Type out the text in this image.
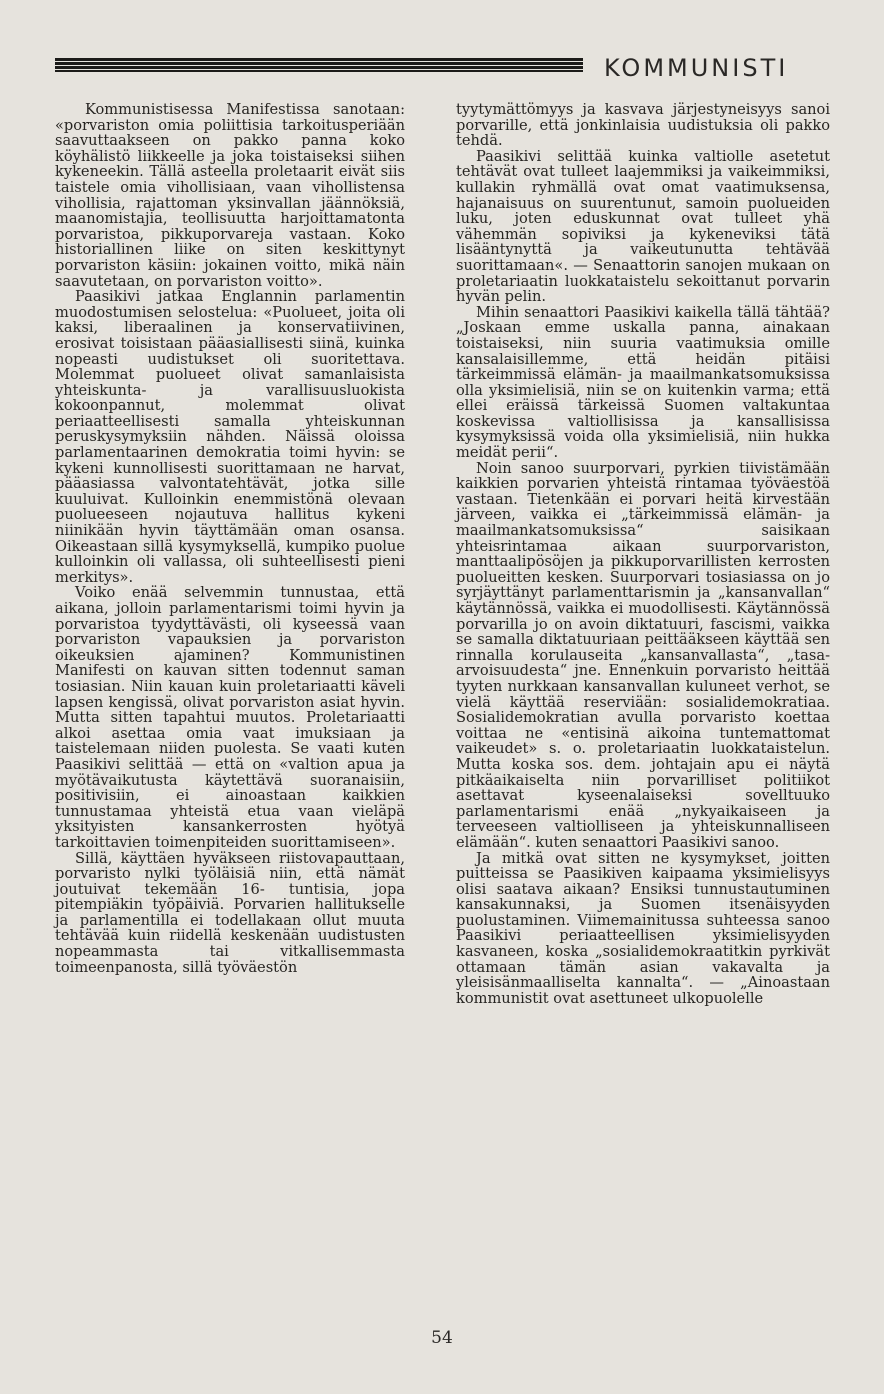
KOMMUNISTI

Kommunistisessa Manifestissa sanotaan: «porvariston omia poliittisia tarkoitusperiään saavuttaakseen on pakko panna koko köyhälistö liikkeelle ja joka toistaiseksi siihen kykeneekin. Tällä asteella proletaarit eivät siis taistele omia vihollisiaan, vaan vihollistensa vihollisia, rajattoman yksinvallan jäännöksiä, maanomistajia, teollisuutta harjoittamatonta porvaristoa, pikkuporvareja vastaan. Koko historiallinen liike on siten keskittynyt porvariston käsiin: jokainen voitto, mikä näin saavutetaan, on porvariston voitto».

Paasikivi jatkaa Englannin parlamentin muodostumisen selostelua: «Puolueet, joita oli kaksi, liberaalinen ja konservatiivinen, erosivat toisistaan pääasiallisesti siinä, kuinka nopeasti uudistukset oli suoritettava. Molemmat puolueet olivat samanlaisista yhteiskunta- ja varallisuusluokista kokoonpannut, molemmat olivat periaatteellisesti samalla yhteiskunnan peruskysymyksiin nähden. Näissä oloissa parlamentaarinen demokratia toimi hyvin: se kykeni kunnollisesti suorittamaan ne harvat, pääasiassa valvontatehtävät, jotka sille kuuluivat. Kulloinkin enemmistönä olevaan puolueeseen nojautuva hallitus kykeni niinikään hyvin täyttämään oman osansa. Oikeastaan sillä kysymyksellä, kumpiko puolue kulloinkin oli vallassa, oli suhteellisesti pieni merkitys».

Voiko enää selvemmin tunnustaa, että aikana, jolloin parlamentarismi toimi hyvin ja porvaristoa tyydyttävästi, oli kyseessä vaan porvariston vapauksien ja porvariston oikeuksien ajaminen? Kommunistinen Manifesti on kauvan sitten todennut saman tosiasian. Niin kauan kuin proletariaatti käveli lapsen kengissä, olivat porvariston asiat hyvin. Mutta sitten tapahtui muutos. Proletariaatti alkoi asettaa omia vaat imuksiaan ja taistelemaan niiden puolesta. Se vaati kuten Paasikivi selittää — että on «valtion apua ja myötävaikutusta käytettävä suoranaisiin, positivisiin, ei ainoastaan kaikkien tunnustamaa yhteistä etua vaan vieläpä yksityisten kansankerrosten hyötyä tarkoittavien toimenpiteiden suorittamiseen».

Sillä, käyttäen hyväkseen riistovapauttaan, porvaristo nylki työläisiä niin, että nämät joutuivat tekemään 16- tuntisia, jopa pitempiäkin työpäiviä. Porvarien hallitukselle ja parlamentilla ei todellakaan ollut muuta tehtävää kuin riidellä keskenään uudistusten nopeammasta tai vitkallisemmasta toimeenpanosta, sillä työväestön

tyytymättömyys ja kasvava järjestyneisyys sanoi porvarille, että jonkinlaisia uudistuksia oli pakko tehdä.

Paasikivi selittää kuinka valtiolle asetetut tehtävät ovat tulleet laajemmiksi ja vaikeimmiksi, kullakin ryhmällä ovat omat vaatimuksensa, hajanaisuus on suurentunut, samoin puolueiden luku, joten eduskunnat ovat tulleet yhä vähemmän sopiviksi ja kykeneviksi tätä lisääntynyttä ja vaikeutunutta tehtävää suorittamaan«. — Senaattorin sanojen mukaan on proletariaatin luokkataistelu sekoittanut porvarin hyvän pelin.

Mihin senaattori Paasikivi kaikella tällä tähtää? „Joskaan emme uskalla panna, ainakaan toistaiseksi, niin suuria vaatimuksia omille kansalaisillemme, että heidän pitäisi tärkeimmissä elämän- ja maailmankatsomuksissa olla yksimielisiä, niin se on kuitenkin varma; että ellei eräissä tärkeissä Suomen valtakuntaa koskevissa valtiollisissa ja kansallisissa kysymyksissä voida olla yksimielisiä, niin hukka meidät perii“.

Noin sanoo suurporvari, pyrkien tiivistämään kaikkien porvarien yhteistä rintamaa työväestöä vastaan. Tietenkään ei porvari heitä kirvestään järveen, vaikka ei „tärkeimmissä elämän- ja maailmankatsomuksissa“ saisikaan yhteisrintamaa aikaan suurporvariston, manttaalipösöjen ja pikkuporvarillisten kerrosten puolueitten kesken. Suurporvari tosiasiassa on jo syrjäyttänyt parlamenttarismin ja „kansanvallan“ käytännössä, vaikka ei muodollisesti. Käytännössä porvarilla jo on avoin diktatuuri, fascismi, vaikka se samalla diktatuuriaan peittääkseen käyttää sen rinnalla korulauseita „kansanvallasta“, „tasa-arvoisuudesta“ jne. Ennenkuin porvaristo heittää tyyten nurkkaan kansanvallan kuluneet verhot, se vielä käyttää reserviään: sosialidemokratiaa. Sosialidemokratian avulla porvaristo koettaa voittaa ne «entisinä aikoina tuntemattomat vaikeudet» s. o. proletariaatin luokkataistelun. Mutta koska sos. dem. johtajain apu ei näytä pitkäaikaiselta niin porvarilliset politiikot asettavat kyseenalaiseksi sovelltuuko parlamentarismi enää „nykyaikaiseen ja terveeseen valtiolliseen ja yhteiskunnalliseen elämään“. kuten senaattori Paasikivi sanoo.

Ja mitkä ovat sitten ne kysymykset, joitten puitteissa se Paasikiven kaipaama yksimielisyys olisi saatava aikaan? Ensiksi tunnustautuminen kansakunnaksi, ja Suomen itsenäisyyden puolustaminen. Viimemainitussa suhteessa sanoo Paasikivi periaatteellisen yksimielisyyden kasvaneen, koska „sosialidemokraatitkin pyrkivät ottamaan tämän asian vakavalta ja yleisisänmaalliselta kannalta“. — „Ainoastaan kommunistit ovat asettuneet ulkopuolelle

54
